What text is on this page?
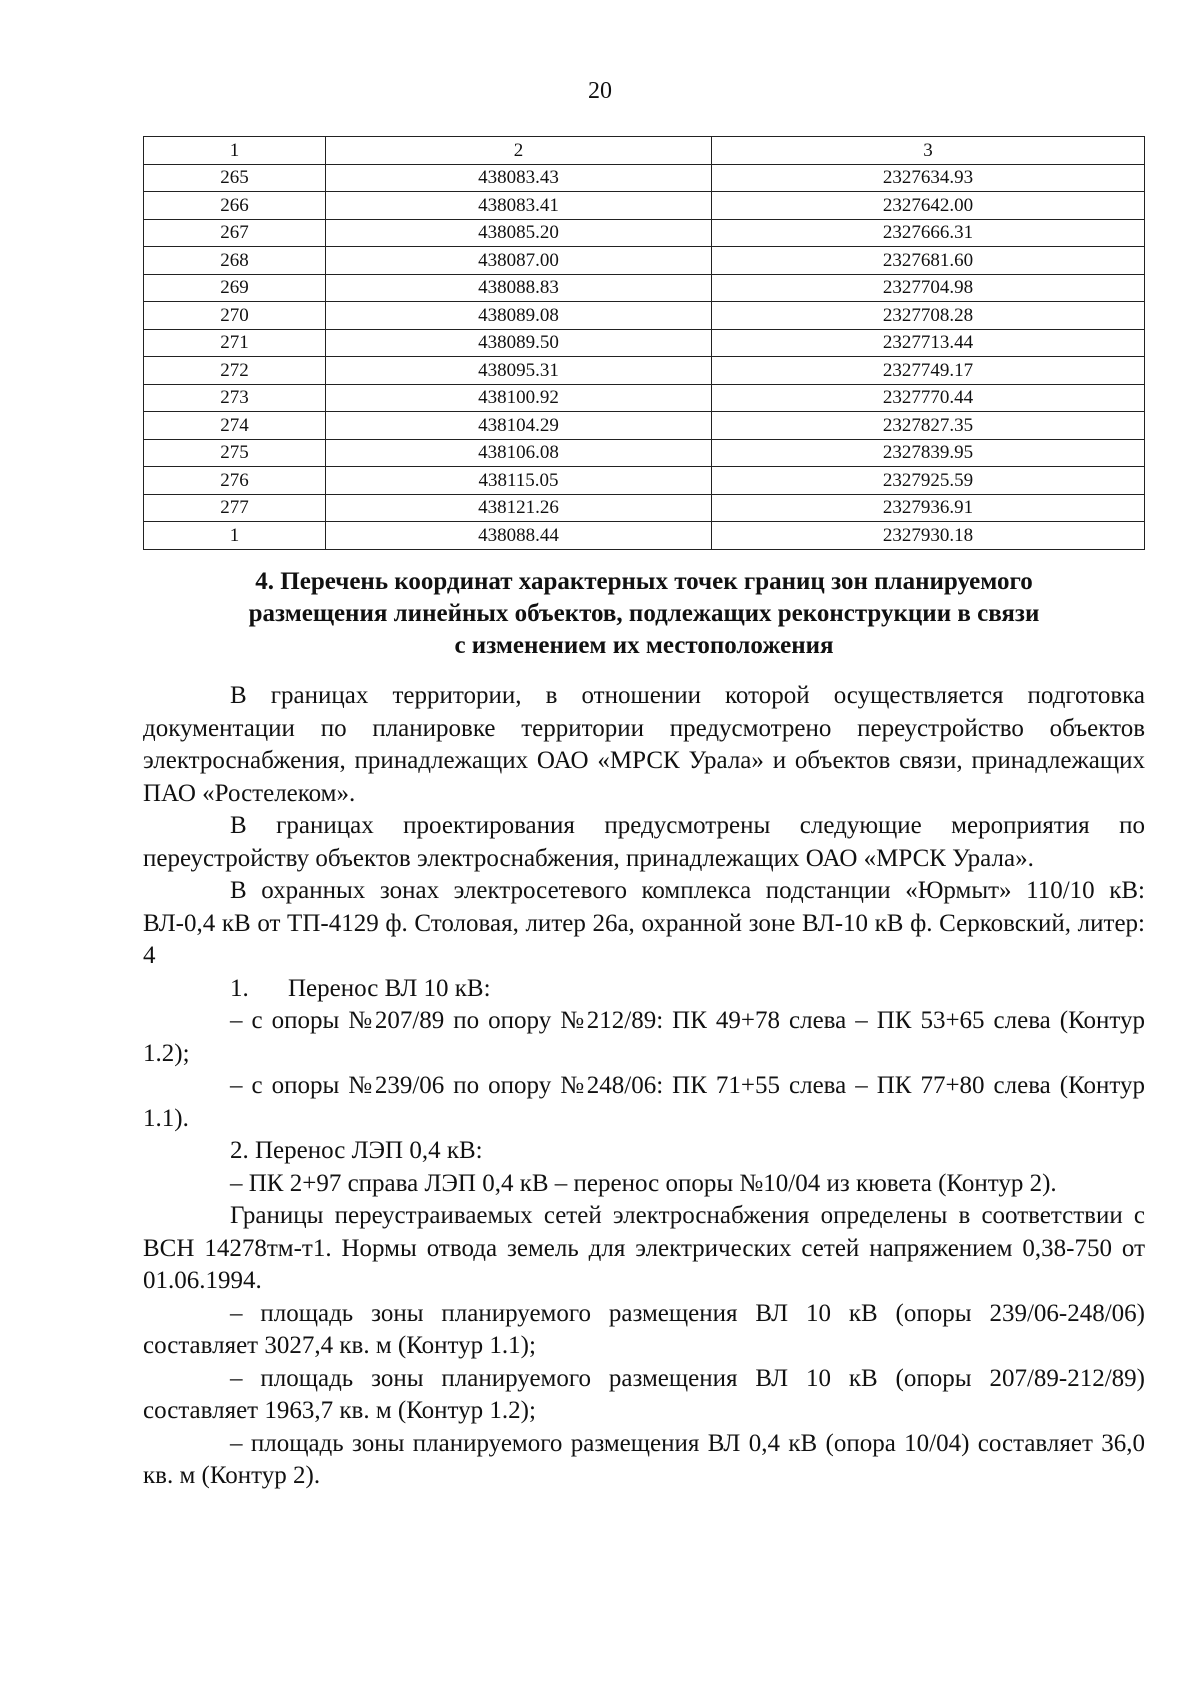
20
1	2	3
265	438083.43	2327634.93
266	438083.41	2327642.00
267	438085.20	2327666.31
268	438087.00	2327681.60
269	438088.83	2327704.98
270	438089.08	2327708.28
271	438089.50	2327713.44
272	438095.31	2327749.17
273	438100.92	2327770.44
274	438104.29	2327827.35
275	438106.08	2327839.95
276	438115.05	2327925.59
277	438121.26	2327936.91
1	438088.44	2327930.18
4. Перечень координат характерных точек границ зон планируемого
размещения линейных объектов, подлежащих реконструкции в связи
с изменением их местоположения

В границах территории, в отношении которой осуществляется подготовка документации по планировке территории предусмотрено переустройство объектов электроснабжения, принадлежащих ОАО «МРСК Урала» и объектов связи, принадлежащих ПАО «Ростелеком».

В границах проектирования предусмотрены следующие мероприятия по переустройству объектов электроснабжения, принадлежащих ОАО «МРСК Урала».

В охранных зонах электросетевого комплекса подстанции «Юрмыт» 110/10 кВ: ВЛ-0,4 кВ от ТП-4129 ф. Столовая, литер 26а, охранной зоне ВЛ-10 кВ ф. Серковский, литер: 4

1. Перенос ВЛ 10 кВ:

– с опоры №207/89 по опору №212/89: ПК 49+78 слева – ПК 53+65 слева (Контур 1.2);

– с опоры №239/06 по опору №248/06: ПК 71+55 слева – ПК 77+80 слева (Контур 1.1).

2. Перенос ЛЭП 0,4 кВ:

– ПК 2+97 справа ЛЭП 0,4 кВ – перенос опоры №10/04 из кювета (Контур 2).

Границы переустраиваемых сетей электроснабжения определены в соответствии с ВСН 14278тм-т1. Нормы отвода земель для электрических сетей напряжением 0,38-750 от 01.06.1994.

– площадь зоны планируемого размещения ВЛ 10 кВ (опоры 239/06-248/06) составляет 3027,4 кв. м (Контур 1.1);

– площадь зоны планируемого размещения ВЛ 10 кВ (опоры 207/89-212/89) составляет 1963,7 кв. м (Контур 1.2);

– площадь зоны планируемого размещения ВЛ 0,4 кВ (опора 10/04) составляет 36,0 кв. м (Контур 2).
